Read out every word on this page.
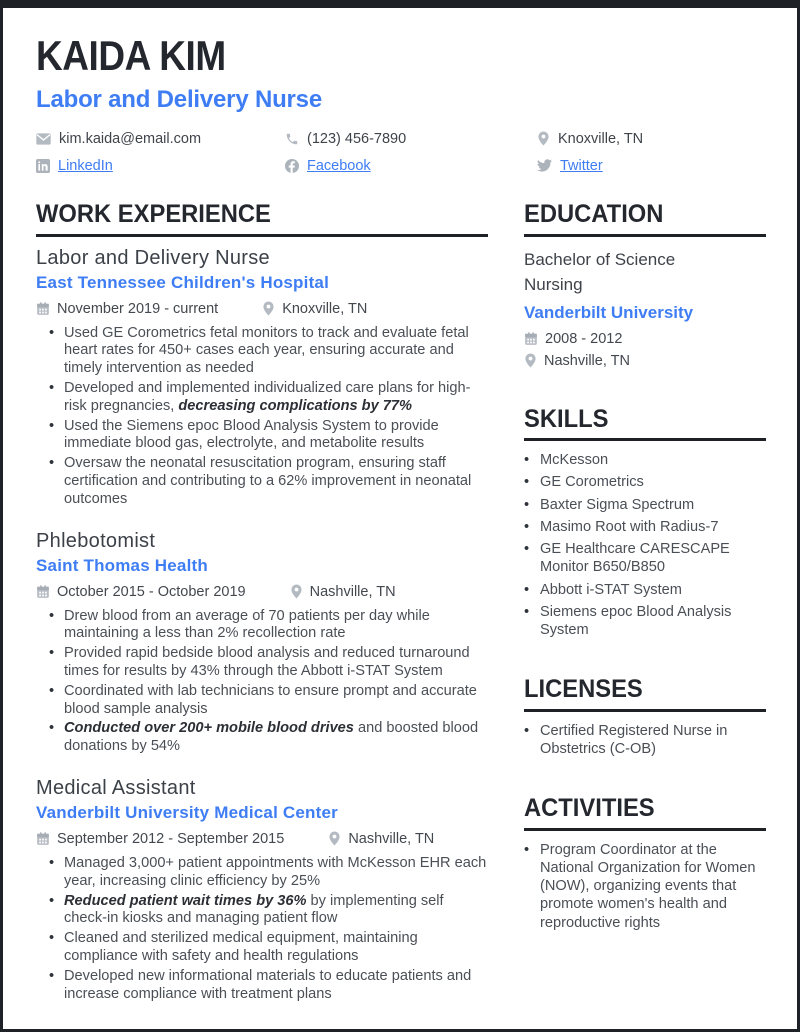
KAIDA KIM
Labor and Delivery Nurse
kim.kaida@email.com	(123) 456-7890	Knoxville, TN
LinkedIn	Facebook	Twitter
WORK EXPERIENCE
Labor and Delivery Nurse
East Tennessee Children's Hospital
November 2019 - current	Knoxville, TN
• Used GE Corometrics fetal monitors to track and evaluate fetal heart rates for 450+ cases each year, ensuring accurate and timely intervention as needed
• Developed and implemented individualized care plans for high-risk pregnancies, decreasing complications by 77%
• Used the Siemens epoc Blood Analysis System to provide immediate blood gas, electrolyte, and metabolite results
• Oversaw the neonatal resuscitation program, ensuring staff certification and contributing to a 62% improvement in neonatal outcomes
Phlebotomist
Saint Thomas Health
October 2015 - October 2019	Nashville, TN
• Drew blood from an average of 70 patients per day while maintaining a less than 2% recollection rate
• Provided rapid bedside blood analysis and reduced turnaround times for results by 43% through the Abbott i-STAT System
• Coordinated with lab technicians to ensure prompt and accurate blood sample analysis
• Conducted over 200+ mobile blood drives and boosted blood donations by 54%
Medical Assistant
Vanderbilt University Medical Center
September 2012 - September 2015	Nashville, TN
• Managed 3,000+ patient appointments with McKesson EHR each year, increasing clinic efficiency by 25%
• Reduced patient wait times by 36% by implementing self check-in kiosks and managing patient flow
• Cleaned and sterilized medical equipment, maintaining compliance with safety and health regulations
• Developed new informational materials to educate patients and increase compliance with treatment plans
EDUCATION
Bachelor of Science
Nursing
Vanderbilt University
2008 - 2012
Nashville, TN
SKILLS
• McKesson
• GE Corometrics
• Baxter Sigma Spectrum
• Masimo Root with Radius-7
• GE Healthcare CARESCAPE Monitor B650/B850
• Abbott i-STAT System
• Siemens epoc Blood Analysis System
LICENSES
• Certified Registered Nurse in Obstetrics (C-OB)
ACTIVITIES
• Program Coordinator at the National Organization for Women (NOW), organizing events that promote women's health and reproductive rights
